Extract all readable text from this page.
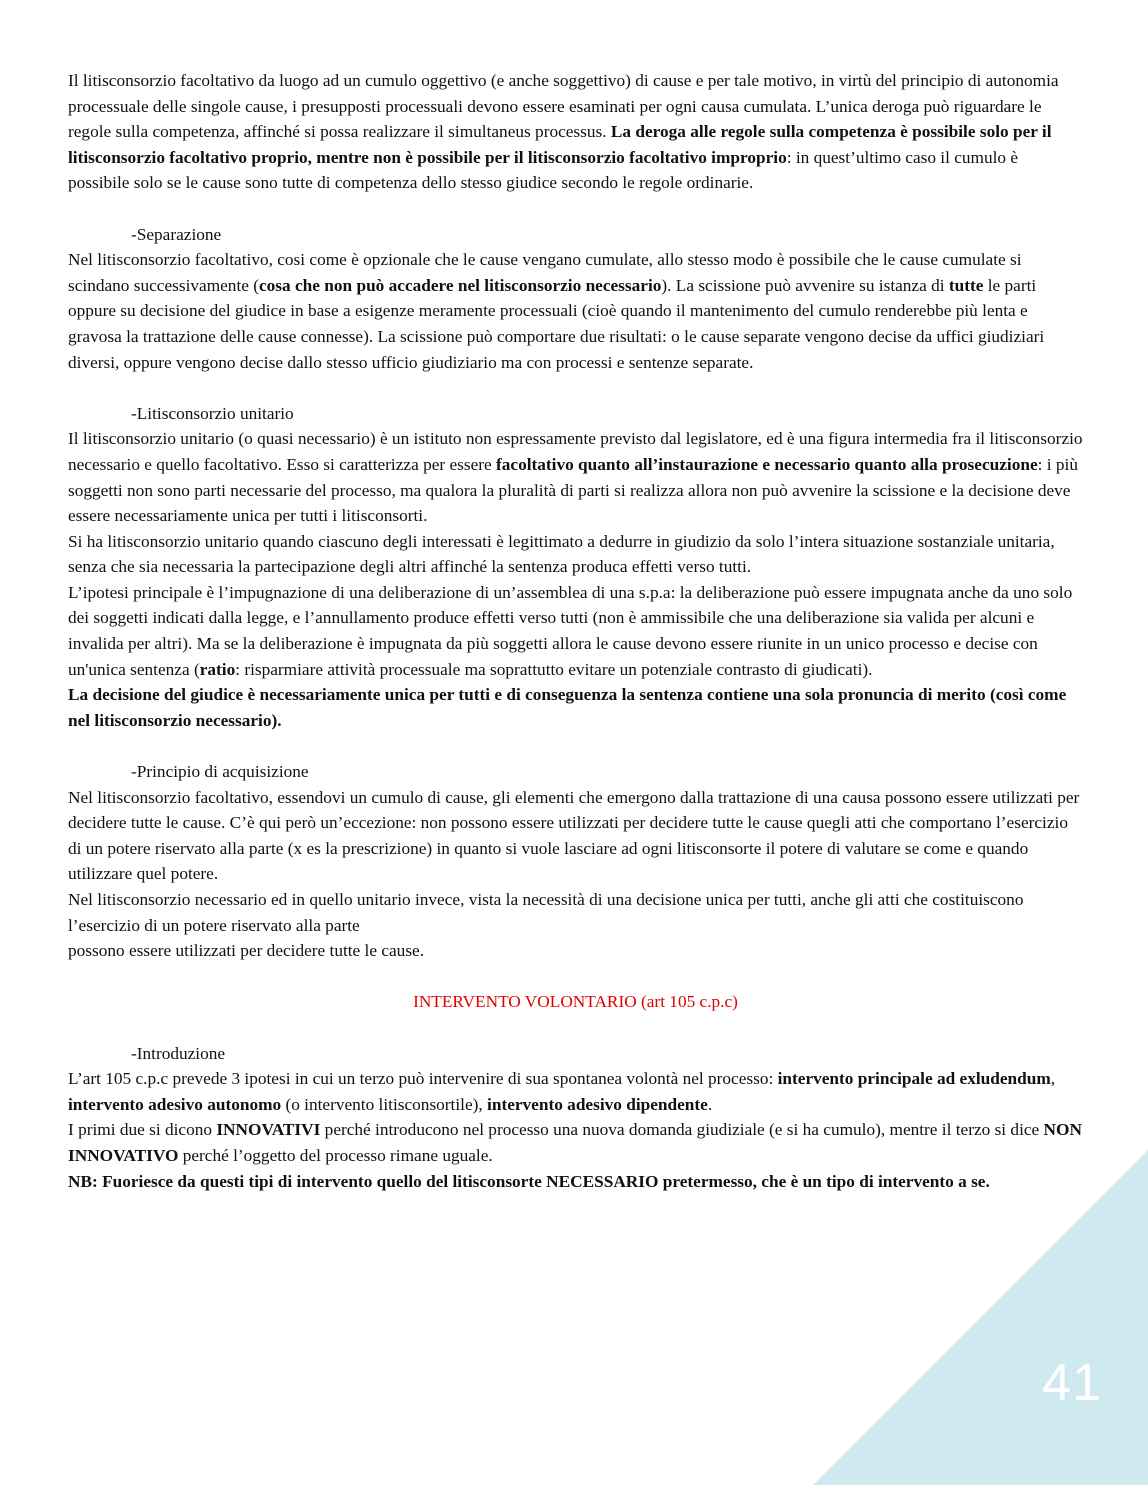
Il litisconsorzio facoltativo da luogo ad un cumulo oggettivo (e anche soggettivo) di cause e per tale motivo, in virtù del principio di autonomia processuale delle singole cause, i presupposti processuali devono essere esaminati per ogni causa cumulata. L’unica deroga può riguardare le regole sulla competenza, affinché si possa realizzare il simultaneus processus. La deroga alle regole sulla competenza è possibile solo per il litisconsorzio facoltativo proprio, mentre non è possibile per il litisconsorzio facoltativo improprio: in quest’ultimo caso il cumulo è possibile solo se le cause sono tutte di competenza dello stesso giudice secondo le regole ordinarie.

-Separazione

Nel litisconsorzio facoltativo, cosi come è opzionale che le cause vengano cumulate, allo stesso modo è possibile che le cause cumulate si scindano successivamente (cosa che non può accadere nel litisconsorzio necessario). La scissione può avvenire su istanza di tutte le parti oppure su decisione del giudice in base a esigenze meramente processuali (cioè quando il mantenimento del cumulo renderebbe più lenta e gravosa la trattazione delle cause connesse). La scissione può comportare due risultati: o le cause separate vengono decise da uffici giudiziari diversi, oppure vengono decise dallo stesso ufficio giudiziario ma con processi e sentenze separate.

-Litisconsorzio unitario

Il litisconsorzio unitario (o quasi necessario) è un istituto non espressamente previsto dal legislatore, ed è una figura intermedia fra il litisconsorzio necessario e quello facoltativo. Esso si caratterizza per essere facoltativo quanto all’instaurazione e necessario quanto alla prosecuzione: i più soggetti non sono parti necessarie del processo, ma qualora la pluralità di parti si realizza allora non può avvenire la scissione e la decisione deve essere necessariamente unica per tutti i litisconsorti.

Si ha litisconsorzio unitario quando ciascuno degli interessati è legittimato a dedurre in giudizio da solo l’intera situazione sostanziale unitaria, senza che sia necessaria la partecipazione degli altri affinché la sentenza produca effetti verso tutti.

L’ipotesi principale è l’impugnazione di una deliberazione di un’assemblea di una s.p.a: la deliberazione può essere impugnata anche da uno solo dei soggetti indicati dalla legge, e l’annullamento produce effetti verso tutti (non è ammissibile che una deliberazione sia valida per alcuni e invalida per altri). Ma se la deliberazione è impugnata da più soggetti allora le cause devono essere riunite in un unico processo e decise con un'unica sentenza (ratio: risparmiare attività processuale ma soprattutto evitare un potenziale contrasto di giudicati).

La decisione del giudice è necessariamente unica per tutti e di conseguenza la sentenza contiene una sola pronuncia di merito (così come nel litisconsorzio necessario).

-Principio di acquisizione

Nel litisconsorzio facoltativo, essendovi un cumulo di cause, gli elementi che emergono dalla trattazione di una causa possono essere utilizzati per decidere tutte le cause. C’è qui però un’eccezione: non possono essere utilizzati per decidere tutte le cause quegli atti che comportano l’esercizio di un potere riservato alla parte (x es la prescrizione) in quanto si vuole lasciare ad ogni litisconsorte il potere di valutare se come e quando utilizzare quel potere.

Nel litisconsorzio necessario ed in quello unitario invece, vista la necessità di una decisione unica per tutti, anche gli atti che costituiscono l’esercizio di un potere riservato alla parte

possono essere utilizzati per decidere tutte le cause.

INTERVENTO VOLONTARIO (art 105 c.p.c)

-Introduzione

L’art 105 c.p.c prevede 3 ipotesi in cui un terzo può intervenire di sua spontanea volontà nel processo: intervento principale ad exludendum, intervento adesivo autonomo (o intervento litisconsortile), intervento adesivo dipendente.

I primi due si dicono INNOVATIVI perché introducono nel processo una nuova domanda giudiziale (e si ha cumulo), mentre il terzo si dice NON INNOVATIVO perché l’oggetto del processo rimane uguale.

NB: Fuoriesce da questi tipi di intervento quello del litisconsorte NECESSARIO pretermesso, che è un tipo di intervento a se.

41
